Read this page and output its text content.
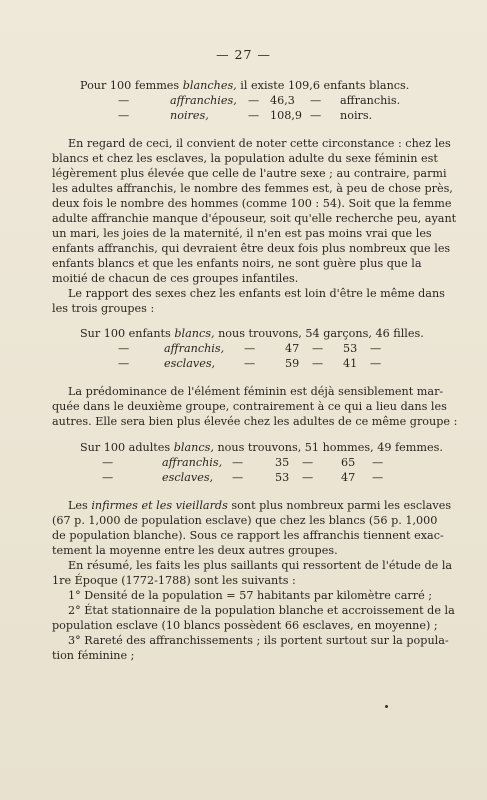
— 27 —
Pour 100 femmes blanches, il existe 109,6 enfants blancs.
—	affranchies, — 46,3 — affranchis.
—	noires,	— 108,9 — noirs.
En regard de ceci, il convient de noter cette circonstance : chez les
blancs et chez les esclaves, la population adulte du sexe féminin est
légèrement plus élevée que celle de l'autre sexe ; au contraire, parmi
les adultes affranchis, le nombre des femmes est, à peu de chose près,
deux fois le nombre des hommes (comme 100 : 54). Soit que la femme
adulte affranchie manque d'épouseur, soit qu'elle recherche peu, ayant
un mari, les joies de la maternité, il n'en est pas moins vrai que les
enfants affranchis, qui devraient être deux fois plus nombreux que les
enfants blancs et que les enfants noirs, ne sont guère plus que la
moitié de chacun de ces groupes infantiles.
Le rapport des sexes chez les enfants est loin d'être le même dans
les trois groupes :
Sur 100 enfants blancs, nous trouvons, 54 garçons, 46 filles.
—	affranchis, —	47 — 53 —
—	esclaves,	—	59 — 41 —
La prédominance de l'élément féminin est déjà sensiblement mar-
quée dans le deuxième groupe, contrairement à ce qui a lieu dans les
autres. Elle sera bien plus élevée chez les adultes de ce même groupe :
Sur 100 adultes blancs, nous trouvons, 51 hommes, 49 femmes.
—	affranchis, —	35 — 65 —
—	esclaves, —	53 — 47 —
Les infirmes et les vieillards sont plus nombreux parmi les esclaves
(67 p. 1,000 de population esclave) que chez les blancs (56 p. 1,000
de population blanche). Sous ce rapport les affranchis tiennent exac-
tement la moyenne entre les deux autres groupes.
En résumé, les faits les plus saillants qui ressortent de l'étude de la
1re Époque (1772-1788) sont les suivants :
1° Densité de la population = 57 habitants par kilomètre carré ;
2° État stationnaire de la population blanche et accroissement de la
population esclave (10 blancs possèdent 66 esclaves, en moyenne) ;
3° Rareté des affranchissements ; ils portent surtout sur la popula-
tion féminine ;
